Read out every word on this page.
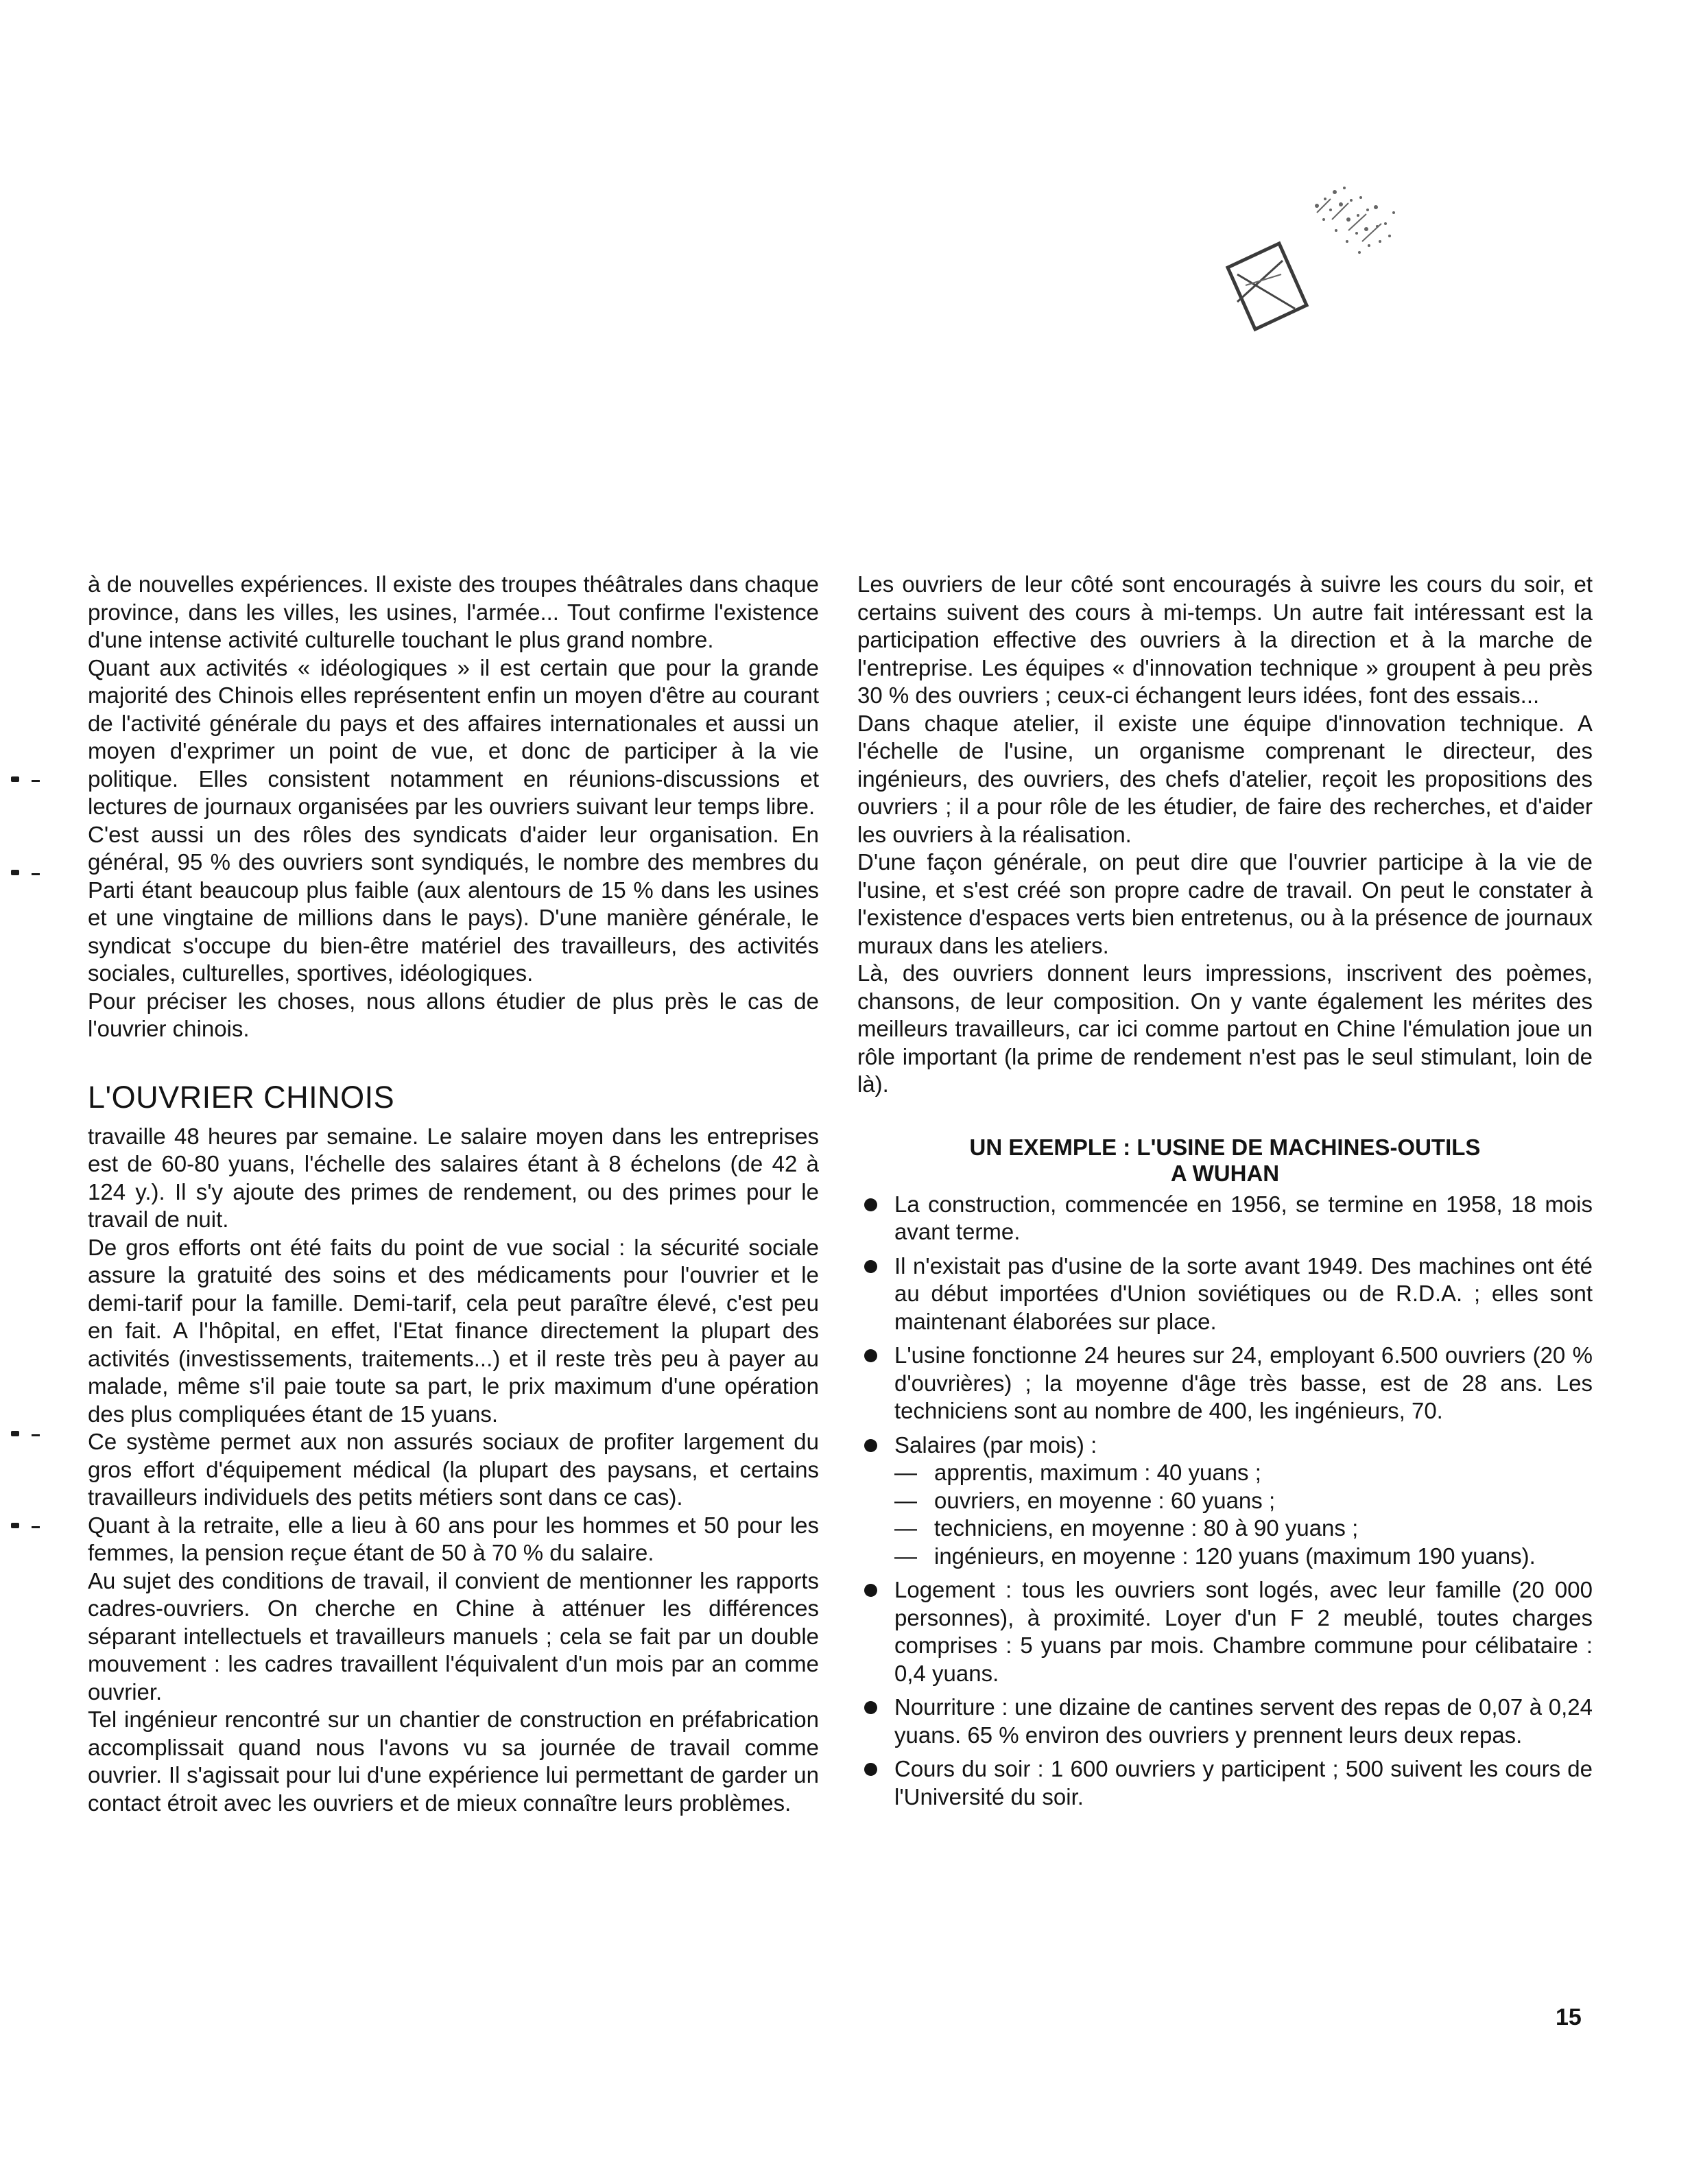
à de nouvelles expériences. Il existe des troupes théâtrales dans chaque province, dans les villes, les usines, l'armée... Tout confirme l'existence d'une intense activité culturelle touchant le plus grand nombre.

Quant aux activités « idéologiques » il est certain que pour la grande majorité des Chinois elles représentent enfin un moyen d'être au courant de l'activité générale du pays et des affaires internationales et aussi un moyen d'exprimer un point de vue, et donc de participer à la vie politique. Elles consistent notamment en réunions-discussions et lectures de journaux organisées par les ouvriers suivant leur temps libre.

C'est aussi un des rôles des syndicats d'aider leur organisation. En général, 95 % des ouvriers sont syndiqués, le nombre des membres du Parti étant beaucoup plus faible (aux alentours de 15 % dans les usines et une vingtaine de millions dans le pays). D'une manière générale, le syndicat s'occupe du bien-être matériel des travailleurs, des activités sociales, culturelles, sportives, idéologiques.

Pour préciser les choses, nous allons étudier de plus près le cas de l'ouvrier chinois.

L'OUVRIER CHINOIS

travaille 48 heures par semaine. Le salaire moyen dans les entreprises est de 60-80 yuans, l'échelle des salaires étant à 8 échelons (de 42 à 124 y.). Il s'y ajoute des primes de rendement, ou des primes pour le travail de nuit.

De gros efforts ont été faits du point de vue social : la sécurité sociale assure la gratuité des soins et des médicaments pour l'ouvrier et le demi-tarif pour la famille. Demi-tarif, cela peut paraître élevé, c'est peu en fait. A l'hôpital, en effet, l'Etat finance directement la plupart des activités (investissements, traitements...) et il reste très peu à payer au malade, même s'il paie toute sa part, le prix maximum d'une opération des plus compliquées étant de 15 yuans.

Ce système permet aux non assurés sociaux de profiter largement du gros effort d'équipement médical (la plupart des paysans, et certains travailleurs individuels des petits métiers sont dans ce cas).

Quant à la retraite, elle a lieu à 60 ans pour les hommes et 50 pour les femmes, la pension reçue étant de 50 à 70 % du salaire.

Au sujet des conditions de travail, il convient de mentionner les rapports cadres-ouvriers. On cherche en Chine à atténuer les différences séparant intellectuels et travailleurs manuels ; cela se fait par un double mouvement : les cadres travaillent l'équivalent d'un mois par an comme ouvrier.

Tel ingénieur rencontré sur un chantier de construction en préfabrication accomplissait quand nous l'avons vu sa journée de travail comme ouvrier. Il s'agissait pour lui d'une expérience lui permettant de garder un contact étroit avec les ouvriers et de mieux connaître leurs problèmes.

Les ouvriers de leur côté sont encouragés à suivre les cours du soir, et certains suivent des cours à mi-temps. Un autre fait intéressant est la participation effective des ouvriers à la direction et à la marche de l'entreprise. Les équipes « d'innovation technique » groupent à peu près 30 % des ouvriers ; ceux-ci échangent leurs idées, font des essais...

Dans chaque atelier, il existe une équipe d'innovation technique. A l'échelle de l'usine, un organisme comprenant le directeur, des ingénieurs, des ouvriers, des chefs d'atelier, reçoit les propositions des ouvriers ; il a pour rôle de les étudier, de faire des recherches, et d'aider les ouvriers à la réalisation.

D'une façon générale, on peut dire que l'ouvrier participe à la vie de l'usine, et s'est créé son propre cadre de travail. On peut le constater à l'existence d'espaces verts bien entretenus, ou à la présence de journaux muraux dans les ateliers.

Là, des ouvriers donnent leurs impressions, inscrivent des poèmes, chansons, de leur composition. On y vante également les mérites des meilleurs travailleurs, car ici comme partout en Chine l'émulation joue un rôle important (la prime de rendement n'est pas le seul stimulant, loin de là).

UN EXEMPLE : L'USINE DE MACHINES-OUTILS
A WUHAN
La construction, commencée en 1956, se termine en 1958, 18 mois avant terme.
Il n'existait pas d'usine de la sorte avant 1949. Des machines ont été au début importées d'Union soviétiques ou de R.D.A. ; elles sont maintenant élaborées sur place.
L'usine fonctionne 24 heures sur 24, employant 6.500 ouvriers (20 % d'ouvrières) ; la moyenne d'âge très basse, est de 28 ans. Les techniciens sont au nombre de 400, les ingénieurs, 70.
Salaires (par mois) :
— apprentis, maximum : 40 yuans ;
— ouvriers, en moyenne : 60 yuans ;
— techniciens, en moyenne : 80 à 90 yuans ;
— ingénieurs, en moyenne : 120 yuans (maximum 190 yuans).
Logement : tous les ouvriers sont logés, avec leur famille (20 000 personnes), à proximité. Loyer d'un F 2 meublé, toutes charges comprises : 5 yuans par mois. Chambre commune pour célibataire : 0,4 yuans.
Nourriture : une dizaine de cantines servent des repas de 0,07 à 0,24 yuans. 65 % environ des ouvriers y prennent leurs deux repas.
Cours du soir : 1 600 ouvriers y participent ; 500 suivent les cours de l'Université du soir.
15
